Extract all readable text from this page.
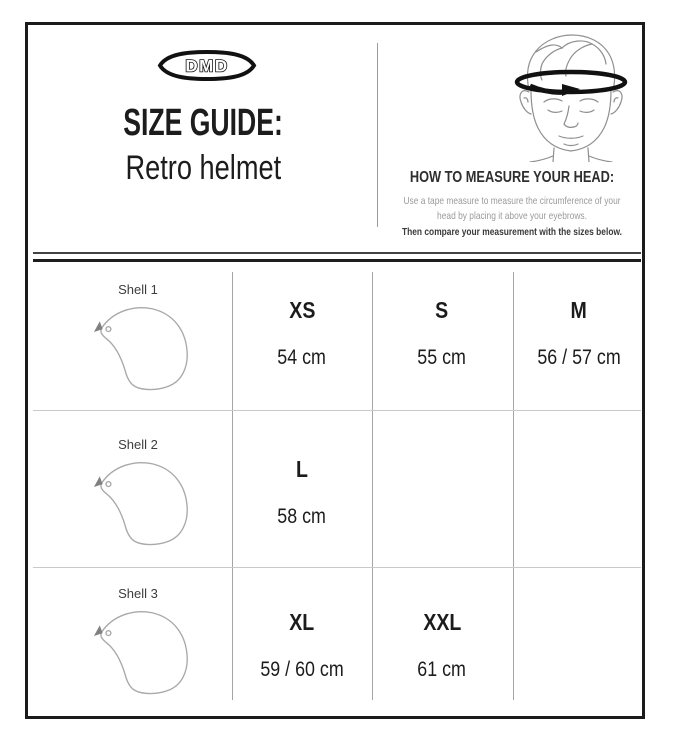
DMD
SIZE GUIDE:
Retro helmet	HOW TO MEASURE YOUR HEAD:
Use a tape measure to measure the circumference of your
head by placing it above your eyebrows.
Then compare your measurement with the sizes below.
Shell 1
Shell 2
Shell 3
XS
54 cm
S
55 cm
M
56 / 57 cm
L
58 cm
XL
59 / 60 cm
XXL
61 cm
